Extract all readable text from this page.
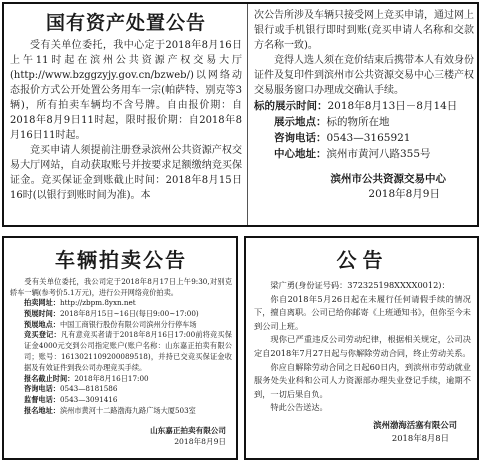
国有资产处置公告

受有关单位委托，我中心定于2018年8月16日上午11时起在滨州公共资源产权交易大厅(http://www.bzggzyjy.gov.cn/bzweb/)以网络动态报价方式公开处置公务用车一宗(帕萨特、别克等3辆)，所有拍卖车辆均不含号牌。自由报价期：自2018年8月9日11时起，限时报价期：自2018年8月16日11时起。

竞买申请人须提前注册登录滨州公共资源产权交易大厅网站，自动获取账号并按要求足额缴纳竞买保证金。竞买保证金到账截止时间：2018年8月15日16时(以银行到账时间为准)。本

次公告所涉及车辆只接受网上竞买申请，通过网上银行或手机银行即时到账(竞买申请人名称和交款方名称一致)。

竞得人选人须在竞价结束后携带本人有效身份证件及复印件到滨州市公共资源交易中心三楼产权交易服务窗口办理成交确认手续。

标的展示时间：2018年8月13日－8月14日
展示地点：标的物所在地
咨询电话：0543—3165921
中心地址：滨州市黄河八路355号
滨州市公共资源交易中心
2018年8月9日
车辆拍卖公告

受有关单位委托，我公司定于2018年8月17日上午9:30,对别克轿车一辆(参考价5.1万元)，进行公开网络竞价拍卖。

拍卖网址：http://zbpm.8yxn.net
预展时间：2018年8月15日~16日(每日9:00~17:00)
预展地点：中国工商银行股份有限公司滨州分行停车场
竞买登记：凡有意竞买者请于2018年8月16日17:00前将竞买保证金4000元交到公司指定账户(账户名称：山东嘉正拍卖有限公司；账号：1613021109200089518)，并持已交竞买保证金收据及有效证件到我公司办理竞买手续。
报名截止时间：2018年8月16日17:00
咨询电话：0543—8181586
监督电话：0543—3091416
报名地址：滨州市黄河十二路渤海九路广场大厦503室
山东嘉正拍卖有限公司
2018年8月9日
公告

梁广勇(身份证号码：372325198XXXX0012)：

你自2018年5月26日起在未履行任何请假手续的情况下，擅自离职。公司已给你邮寄《上班通知书》，但你至今未到公司上班。

现你已严重违反公司劳动纪律，根据相关规定，公司决定自2018年7月27日起与你解除劳动合同，终止劳动关系。

你应自解除劳动合同之日起60日内，到滨州市劳动就业服务处失业科和公司人力资源部办理失业登记手续，逾期不到，一切后果自负。

特此公告送达。

滨州渤海活塞有限公司
2018年8月8日
